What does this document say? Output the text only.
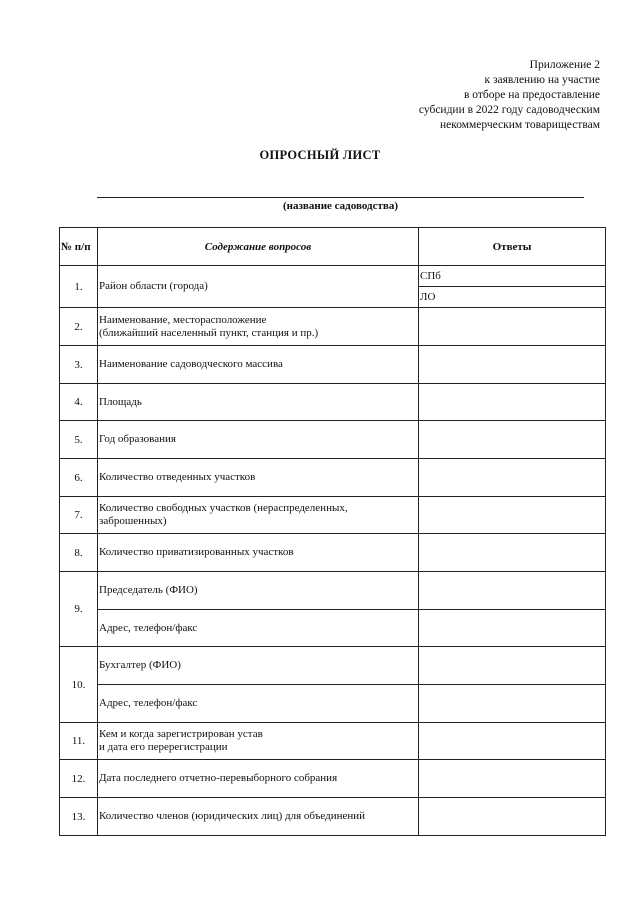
Приложение 2
к заявлению на участие
в отборе на предоставление
субсидии в 2022 году садоводческим
некоммерческим товариществам
ОПРОСНЫЙ ЛИСТ
(название садоводства)
№ п/п	Содержание вопросов	Ответы
1.	Район области (города)	СПб
		ЛО
2.	Наименование, месторасположение
(ближайший населенный пункт, станция и пр.)	

3.	Наименование садоводческого массива	
4.	Площадь	
5.	Год образования	
6.	Количество отведенных участков	
7.	Количество свободных участков (нераспределенных,
заброшенных)	

8.	Количество приватизированных участков	
9.	Председатель (ФИО)	
	Адрес, телефон/факс	
10.	Бухгалтер (ФИО)	
	Адрес, телефон/факс	
11.	Кем и когда зарегистрирован устав
и дата его перерегистрации	

12.	Дата последнего отчетно-перевыборного собрания	
13.	Количество членов (юридических лиц) для объединений	
